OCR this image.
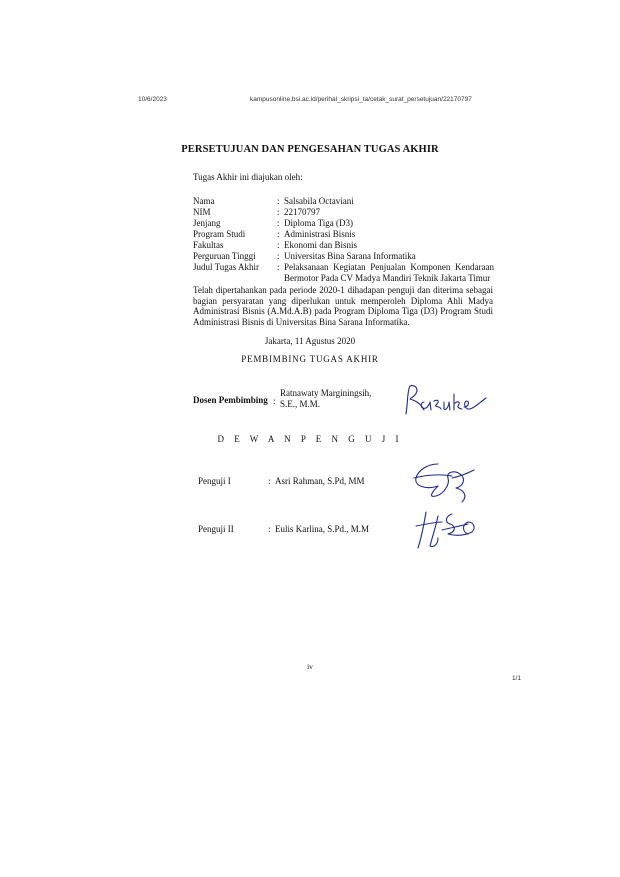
10/6/2023	kampusonline.bsi.ac.id/perihal_skripsi_ta/cetak_surat_persetujuan/22170797
PERSETUJUAN DAN PENGESAHAN TUGAS AKHIR
Tugas Akhir ini diajukan oleh:
Nama	: Salsabila Octaviani
NIM	: 22170797
Jenjang	: Diploma Tiga (D3)
Program Studi	: Administrasi Bisnis
Fakultas	: Ekonomi dan Bisnis
Perguruan Tinggi : Universitas Bina Sarana Informatika
Judul Tugas Akhir : Pelaksanaan Kegiatan Penjualan Komponen Kendaraan Bermotor Pada CV Madya Mandiri Teknik Jakarta Timur
Telah dipertahankan pada periode 2020-1 dihadapan penguji dan diterima sebagai bagian persyaratan yang diperlukan untuk memperoleh Diploma Ahli Madya Administrasi Bisnis (A.Md.A.B) pada Program Diploma Tiga (D3) Program Studi Administrasi Bisnis di Universitas Bina Sarana Informatika.
Jakarta, 11 Agustus 2020
PEMBIMBING TUGAS AKHIR
Dosen Pembimbing :
Ratnawaty Marginingsih, S.E., M.M.
D E W A N P E N G U J I
Penguji I	: Asri Rahman, S.Pd, MM
Penguji II	: Eulis Karlina, S.Pd., M.M
iv
1/1
